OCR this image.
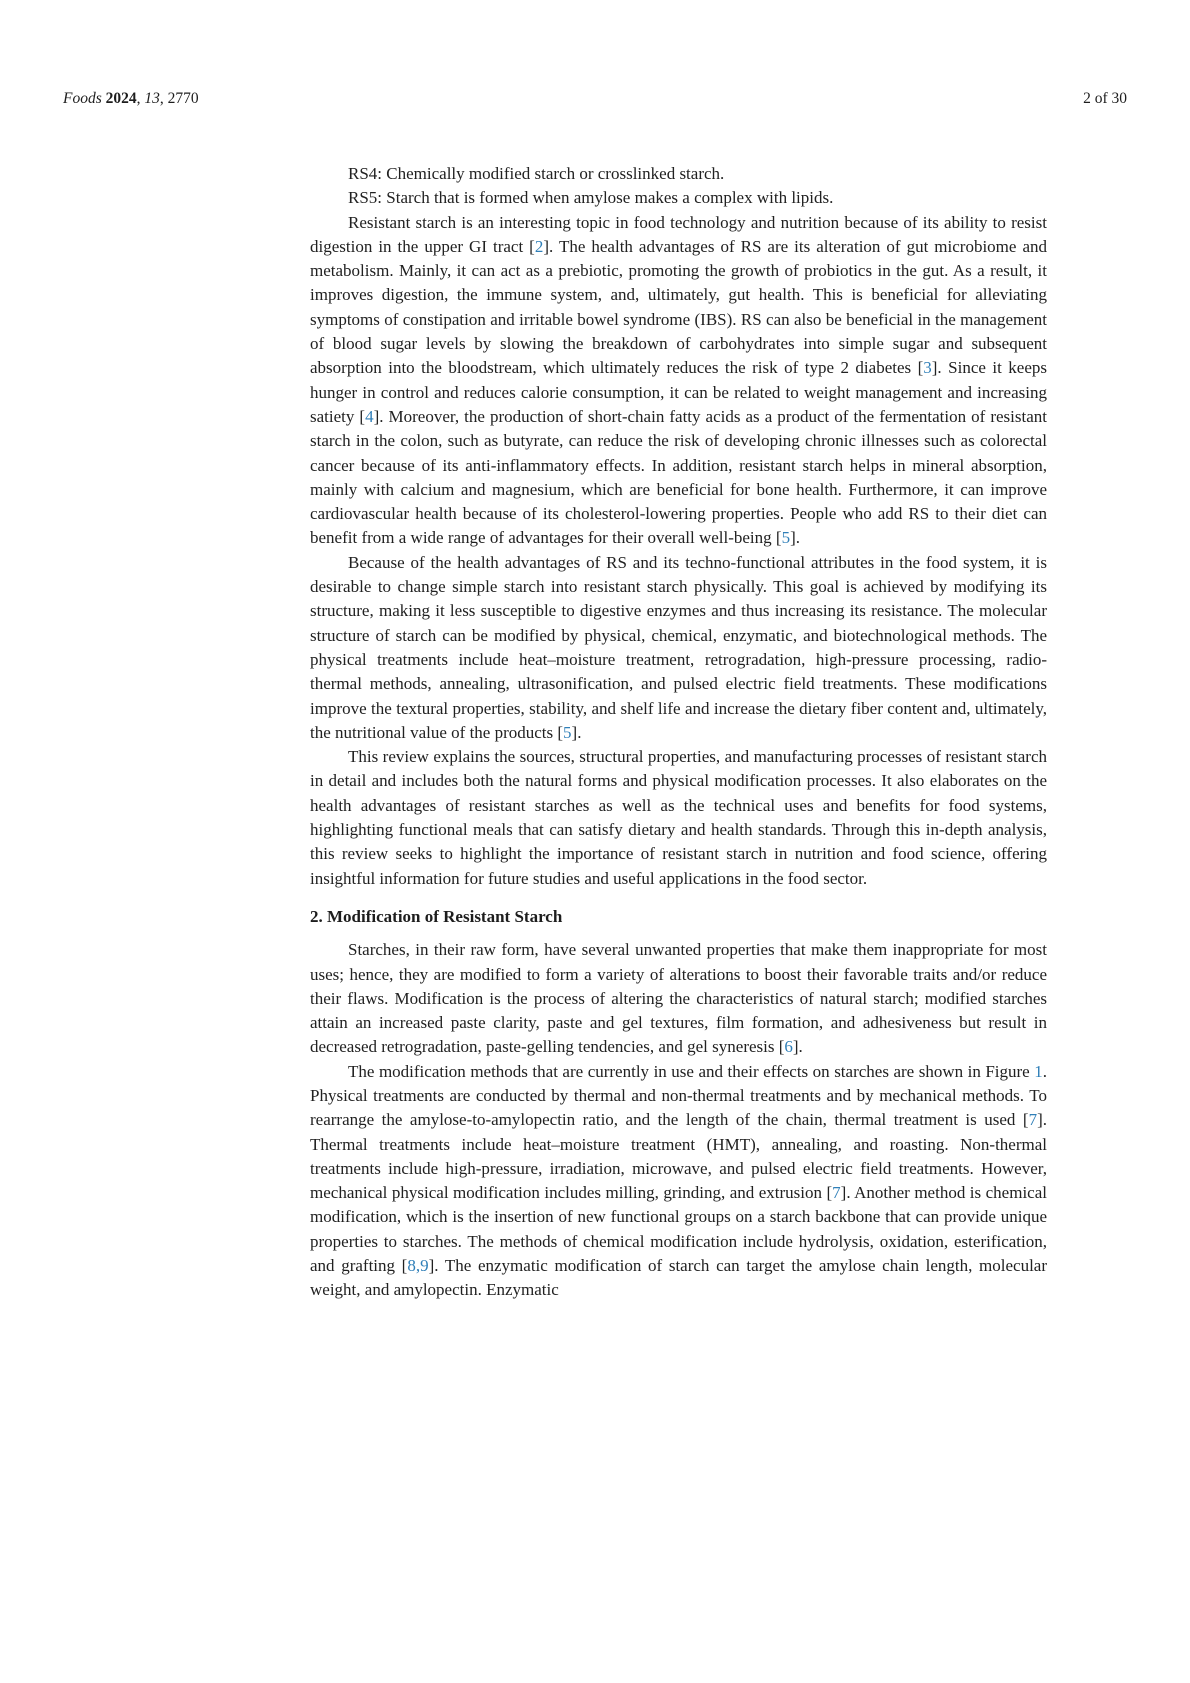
Foods 2024, 13, 2770	2 of 30

RS4: Chemically modified starch or crosslinked starch.

RS5: Starch that is formed when amylose makes a complex with lipids.

Resistant starch is an interesting topic in food technology and nutrition because of its ability to resist digestion in the upper GI tract [2]. The health advantages of RS are its alteration of gut microbiome and metabolism. Mainly, it can act as a prebiotic, promoting the growth of probiotics in the gut. As a result, it improves digestion, the immune system, and, ultimately, gut health. This is beneficial for alleviating symptoms of constipation and irritable bowel syndrome (IBS). RS can also be beneficial in the management of blood sugar levels by slowing the breakdown of carbohydrates into simple sugar and subsequent absorption into the bloodstream, which ultimately reduces the risk of type 2 diabetes [3]. Since it keeps hunger in control and reduces calorie consumption, it can be related to weight management and increasing satiety [4]. Moreover, the production of short-chain fatty acids as a product of the fermentation of resistant starch in the colon, such as butyrate, can reduce the risk of developing chronic illnesses such as colorectal cancer because of its anti-inflammatory effects. In addition, resistant starch helps in mineral absorption, mainly with calcium and magnesium, which are beneficial for bone health. Furthermore, it can improve cardiovascular health because of its cholesterol-lowering properties. People who add RS to their diet can benefit from a wide range of advantages for their overall well-being [5].

Because of the health advantages of RS and its techno-functional attributes in the food system, it is desirable to change simple starch into resistant starch physically. This goal is achieved by modifying its structure, making it less susceptible to digestive enzymes and thus increasing its resistance. The molecular structure of starch can be modified by physical, chemical, enzymatic, and biotechnological methods. The physical treatments include heat–moisture treatment, retrogradation, high-pressure processing, radio-thermal methods, annealing, ultrasonification, and pulsed electric field treatments. These modifications improve the textural properties, stability, and shelf life and increase the dietary fiber content and, ultimately, the nutritional value of the products [5].

This review explains the sources, structural properties, and manufacturing processes of resistant starch in detail and includes both the natural forms and physical modification processes. It also elaborates on the health advantages of resistant starches as well as the technical uses and benefits for food systems, highlighting functional meals that can satisfy dietary and health standards. Through this in-depth analysis, this review seeks to highlight the importance of resistant starch in nutrition and food science, offering insightful information for future studies and useful applications in the food sector.

2. Modification of Resistant Starch

Starches, in their raw form, have several unwanted properties that make them inappropriate for most uses; hence, they are modified to form a variety of alterations to boost their favorable traits and/or reduce their flaws. Modification is the process of altering the characteristics of natural starch; modified starches attain an increased paste clarity, paste and gel textures, film formation, and adhesiveness but result in decreased retrogradation, paste-gelling tendencies, and gel syneresis [6].

The modification methods that are currently in use and their effects on starches are shown in Figure 1. Physical treatments are conducted by thermal and non-thermal treatments and by mechanical methods. To rearrange the amylose-to-amylopectin ratio, and the length of the chain, thermal treatment is used [7]. Thermal treatments include heat–moisture treatment (HMT), annealing, and roasting. Non-thermal treatments include high-pressure, irradiation, microwave, and pulsed electric field treatments. However, mechanical physical modification includes milling, grinding, and extrusion [7]. Another method is chemical modification, which is the insertion of new functional groups on a starch backbone that can provide unique properties to starches. The methods of chemical modification include hydrolysis, oxidation, esterification, and grafting [8,9]. The enzymatic modification of starch can target the amylose chain length, molecular weight, and amylopectin. Enzymatic
